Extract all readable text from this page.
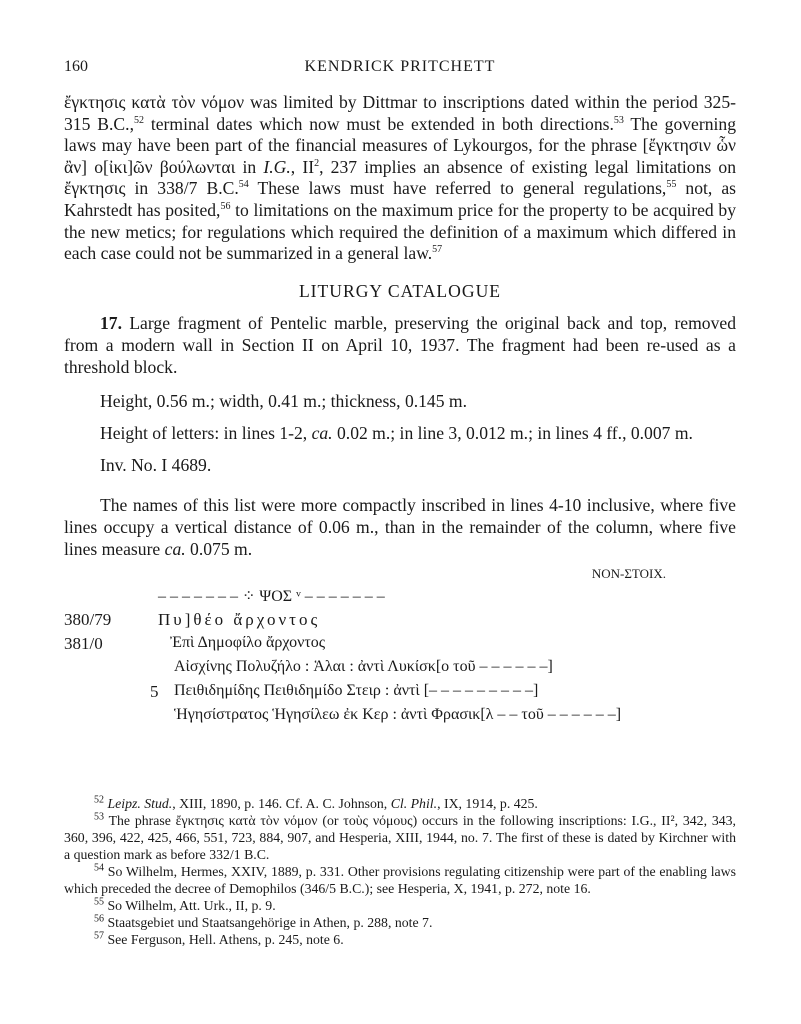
160	KENDRICK PRITCHETT

ἔγκτησις κατὰ τὸν νόμον was limited by Dittmar to inscriptions dated within the period 325-315 B.C.,$^{52}$ terminal dates which now must be extended in both directions.$^{53}$ The governing laws may have been part of the financial measures of Lykourgos, for the phrase [ἔγκτησιν ὧν ἂν] ο[ἰκι]ῶν βούλωνται in I.G., $II^2$, 237 implies an absence of existing legal limitations on ἔγκτησις in 338/7 B.C.$^{54}$ These laws must have referred to general regulations,$^{55}$ not, as Kahrstedt has posited,$^{56}$ to limitations on the maximum price for the property to be acquired by the new metics; for regulations which required the definition of a maximum which differed in each case could not be summarized in a general law.$^{57}$

LITURGY CATALOGUE

17. Large fragment of Pentelic marble, preserving the original back and top, removed from a modern wall in Section ΙΙ on April 10, 1937. The fragment had been re-used as a threshold block.

Height, 0.56 m.; width, 0.41 m.; thickness, 0.145 m.

Height of letters: in lines 1-2, ca. 0.02 m.; in line 3, 0.012 m.; in lines 4 ff., 0.007 m.

Inv. No. I 4689.

The names of this list were more compactly inscribed in lines 4-10 inclusive, where five lines occupy a vertical distance of 0.06 m., than in the remainder of the column, where five lines measure ca. 0.075 m.

NON-ΣΤΟΙΧ.
– – – – – – – ⁘ ΨΟΣ ᵛ – – – – – – –
380/79	Πυ]θέο ἄρχοντος
381/0	Ἐπὶ Δημοφίλο ἄρχοντος
Αἰσχίνης Πολυζήλο : Ἁλαι : ἀντὶ Λυκίσκ[ο τοῦ – – – – – –]
5 Πειθιδημίδης Πειθιδημίδο Στειρ : ἀντὶ [– – – – – – – – –]
Ἡγησίστρατος Ἡγησίλεω ἐκ Κερ : ἀντὶ Φρασικ[λ – – τοῦ – – – – – –]

$^{52}$ Leipz. Stud., XIII, 1890, p. 146. Cf. A. C. Johnson, Cl. Phil., IX, 1914, p. 425.

$^{53}$ The phrase ἔγκτησις κατὰ τὸν νόμον (or τοὺς νόμους) occurs in the following inscriptions: I.G., II², 342, 343, 360, 396, 422, 425, 466, 551, 723, 884, 907, and Hesperia, XIII, 1944, no. 7. The first of these is dated by Kirchner with a question mark as before 332/1 B.C.

$^{54}$ So Wilhelm, Hermes, XXIV, 1889, p. 331. Other provisions regulating citizenship were part of the enabling laws which preceded the decree of Demophilos (346/5 B.C.); see Hesperia, X, 1941, p. 272, note 16.

$^{55}$ So Wilhelm, Att. Urk., II, p. 9.

$^{56}$ Staatsgebiet und Staatsangehörige in Athen, p. 288, note 7.

$^{57}$ See Ferguson, Hell. Athens, p. 245, note 6.
